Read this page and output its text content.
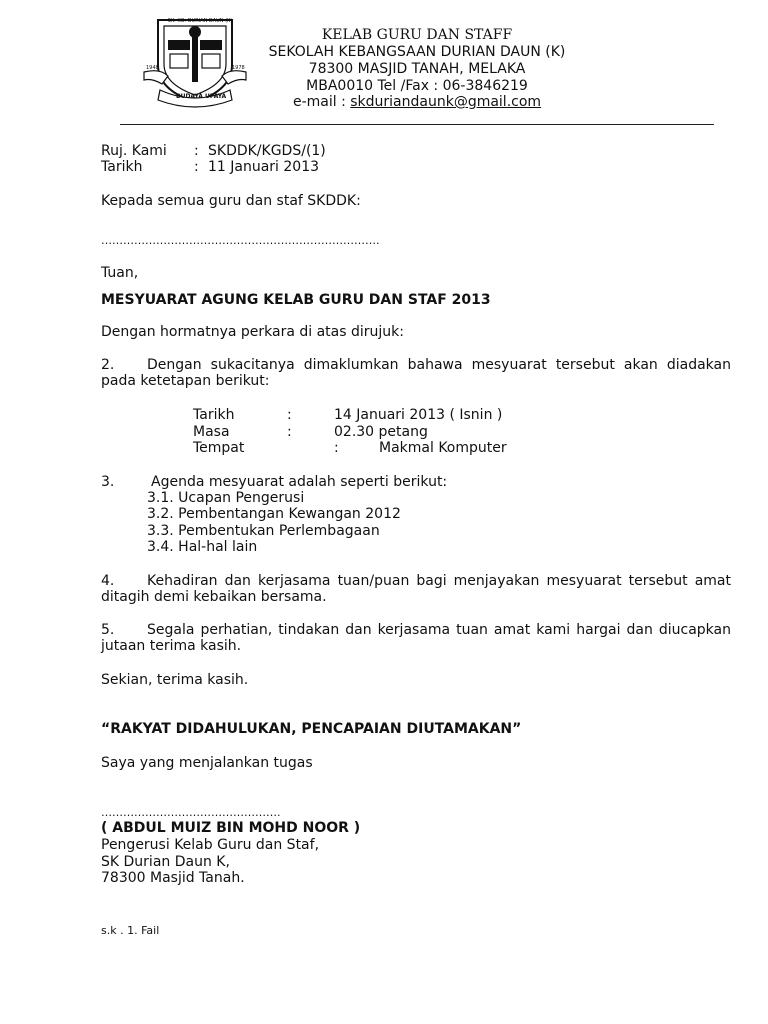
SK. KG. DURIAN DAUN (K)
1948	1978
BUDAYA UPAYA
KELAB GURU DAN STAFF
SEKOLAH KEBANGSAAN DURIAN DAUN (K)
78300 MASJID TANAH, MELAKA
MBA0010 Tel /Fax : 06-3846219
e-mail : skduriandaunk@gmail.com
Ruj. Kami : SKDDK/KGDS/(1)
Tarikh	: 11 Januari 2013
Kepada semua guru dan staf SKDDK:
………………………………………………………………….
Tuan,
MESYUARAT AGUNG KELAB GURU DAN STAF 2013
Dengan hormatnya perkara di atas dirujuk:
2. Dengan sukacitanya dimaklumkan bahawa mesyuarat tersebut akan diadakan
pada ketetapan berikut:
Tarikh	:	14 Januari 2013 ( Isnin )
Masa	:	02.30 petang
Tempat	:	Makmal Komputer
3.	Agenda mesyuarat adalah seperti berikut:
3.1. Ucapan Pengerusi
3.2. Pembentangan Kewangan 2012
3.3. Pembentukan Perlembagaan
3.4. Hal-hal lain
4. Kehadiran dan kerjasama tuan/puan bagi menjayakan mesyuarat tersebut amat
ditagih demi kebaikan bersama.
5. Segala perhatian, tindakan dan kerjasama tuan amat kami hargai dan diucapkan
jutaan terima kasih.
Sekian, terima kasih.
“RAKYAT DIDAHULUKAN, PENCAPAIAN DIUTAMAKAN”
Saya yang menjalankan tugas
………………………………………….
( ABDUL MUIZ BIN MOHD NOOR )
Pengerusi Kelab Guru dan Staf,
SK Durian Daun K,
78300 Masjid Tanah.
s.k . 1. Fail
